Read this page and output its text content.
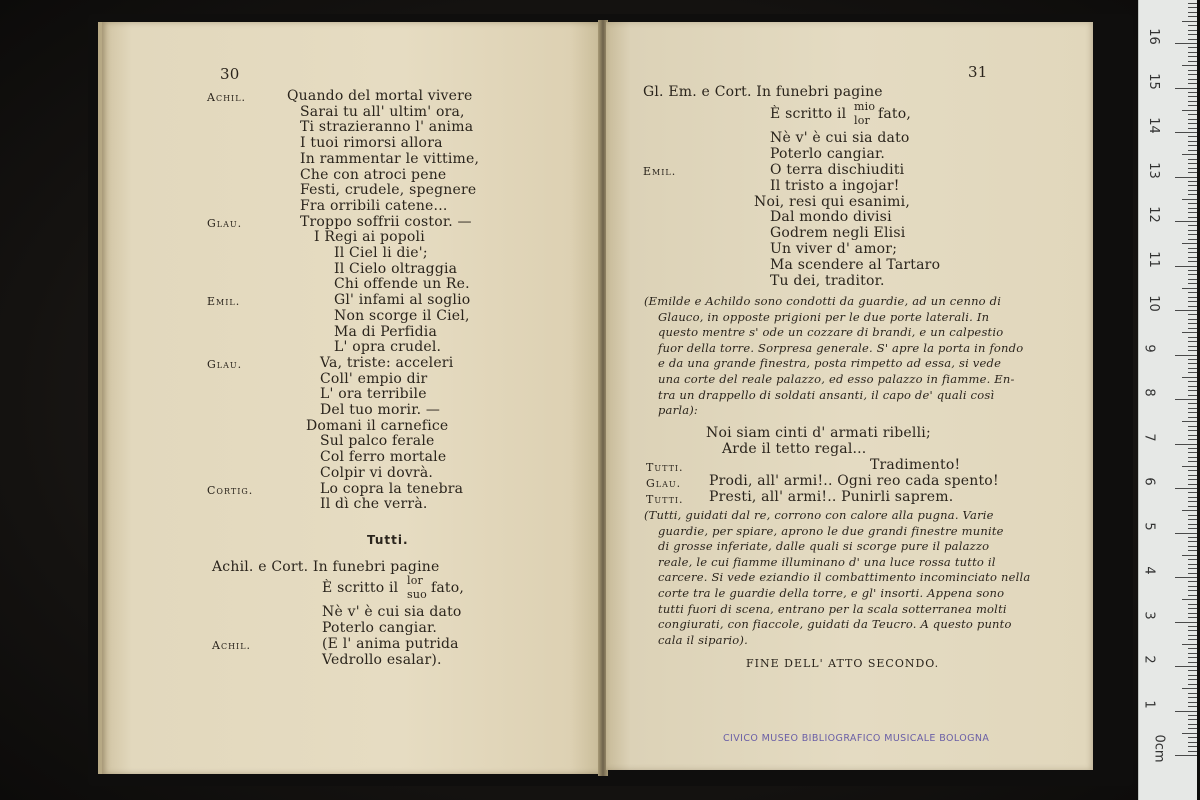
30
Achil.	Quando del mortal vivere
Sarai tu all' ultim' ora,
Ti strazieranno l' anima
I tuoi rimorsi allora
In rammentar le vittime,
Che con atroci pene
Festi, crudele, spegnere
Fra orribili catene...
Glau.	Troppo soffrii costor. —
I Regi ai popoli
Il Ciel li die';
Il Cielo oltraggia
Chi offende un Re.
Emil.	Gl' infami al soglio
Non scorge il Ciel,
Ma di Perfidia
L' opra crudel.
Glau.	Va, triste: acceleri
Coll' empio dir
L' ora terribile
Del tuo morir. —
Domani il carnefice
Sul palco ferale
Col ferro mortale
Colpir vi dovrà.
Cortig.	Lo copra la tenebra
Il dì che verrà.
Tutti.
Achil. e Cort. In funebri pagine
È scritto il lor
suo fato,
Nè v' è cui sia dato
Poterlo cangiar.
Achil.	(E l' anima putrida
Vedrollo esalar).
31
Gl. Em. e Cort. In funebri pagine
È scritto il mio
lor fato,
Nè v' è cui sia dato
Poterlo cangiar.
Emil.	O terra dischiuditi
Il tristo a ingojar!
Noi, resi qui esanimi,
Dal mondo divisi
Godrem negli Elisi
Un viver d' amor;
Ma scendere al Tartaro
Tu dei, traditor.
(Emilde e Achildo sono condotti da guardie, ad un cenno di
Glauco, in opposte prigioni per le due porte laterali. In
questo mentre s' ode un cozzare di brandi, e un calpestio
fuor della torre. Sorpresa generale. S' apre la porta in fondo
e da una grande finestra, posta rimpetto ad essa, si vede
una corte del reale palazzo, ed esso palazzo in fiamme. En-
tra un drappello di soldati ansanti, il capo de' quali così
parla):
Noi siam cinti d' armati ribelli;
Arde il tetto regal...
Tutti.	Tradimento!
Glau. Prodi, all' armi!.. Ogni reo cada spento!
Tutti. Presti, all' armi!.. Punirli saprem.
(Tutti, guidati dal re, corrono con calore alla pugna. Varie
guardie, per spiare, aprono le due grandi finestre munite
di grosse inferiate, dalle quali si scorge pure il palazzo
reale, le cui fiamme illuminano d' una luce rossa tutto il
carcere. Si vede eziandio il combattimento incominciato nella
corte tra le guardie della torre, e gl' insorti. Appena sono
tutti fuori di scena, entrano per la scala sotterranea molti
congiurati, con fiaccole, guidati da Teucro. A questo punto
cala il sipario).
FINE DELL' ATTO SECONDO.
CIVICO MUSEO BIBLIOGRAFICO MUSICALE BOLOGNA
16
15
14
13
12
11
10
9
8
7
6
5
4
3
2
1
0cm
